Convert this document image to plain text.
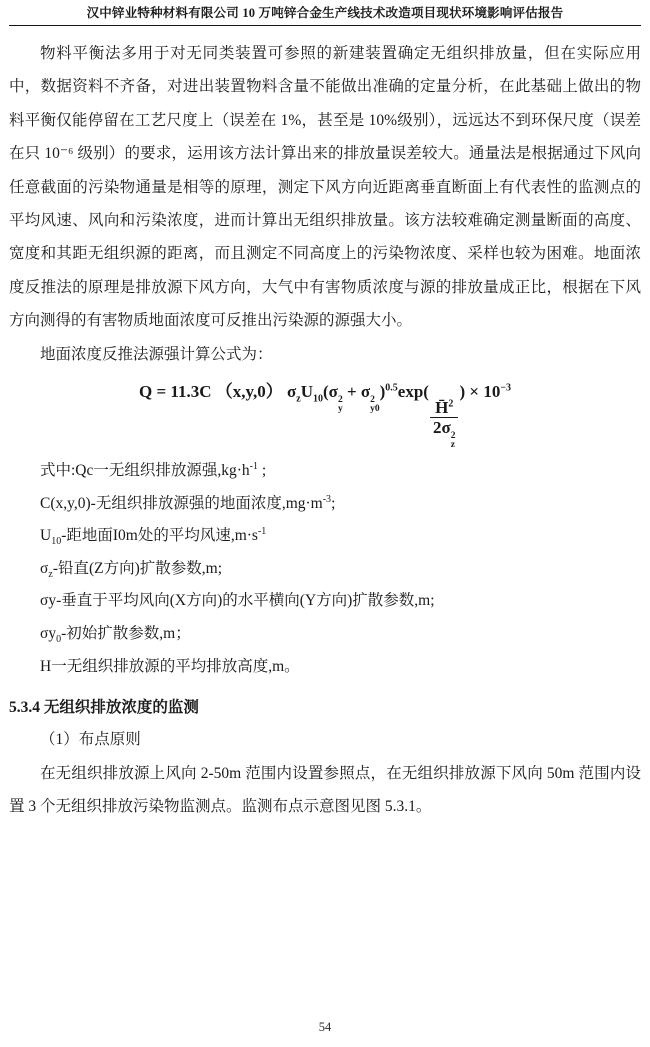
汉中锌业特种材料有限公司 10 万吨锌合金生产线技术改造项目现状环境影响评估报告

物料平衡法多用于对无同类装置可参照的新建装置确定无组织排放量，但在实际应用中，数据资料不齐备，对进出装置物料含量不能做出准确的定量分析，在此基础上做出的物料平衡仅能停留在工艺尺度上（误差在 1%，甚至是 10%级别），远远达不到环保尺度（误差在只 10⁻⁶ 级别）的要求，运用该方法计算出来的排放量误差较大。通量法是根据通过下风向任意截面的污染物通量是相等的原理，测定下风方向近距离垂直断面上有代表性的监测点的平均风速、风向和污染浓度，进而计算出无组织排放量。该方法较难确定测量断面的高度、宽度和其距无组织源的距离，而且测定不同高度上的污染物浓度、采样也较为困难。地面浓度反推法的原理是排放源下风方向，大气中有害物质浓度与源的排放量成正比，根据在下风方向测得的有害物质地面浓度可反推出污染源的源强大小。

地面浓度反推法源强计算公式为：

Q = 11.3C （x,y,0） $\sigma_zU_{10}(\sigma$ 2
y
+ σ 2
y0
)$^{0.5}$exp(
H̄$^2$
2σ 2
z
) × $10^{-3}$
式中:Qc一无组织排放源强$,kg\cdot h^{-1}$ ;
C(x,y,0)-无组织排放源强的地面浓度$,mg\cdot m^{-3}$;
$U_{10}-$距地面I0m处的平均风速$,m\cdot s^{-1}$
$\sigma_z-$铅直(Z方向)扩散参数,m;
σy-垂直于平均风向(X方向)的水平横向(Y方向)扩散参数,m;
$\sigma y_0-$初始扩散参数,m；
H一无组织排放源的平均排放高度,m。
5.3.4 无组织排放浓度的监测

（1）布点原则

在无组织排放源上风向 2-50m 范围内设置参照点，在无组织排放源下风向 50m 范围内设置 3 个无组织排放污染物监测点。监测布点示意图见图 5.3.1。

54
